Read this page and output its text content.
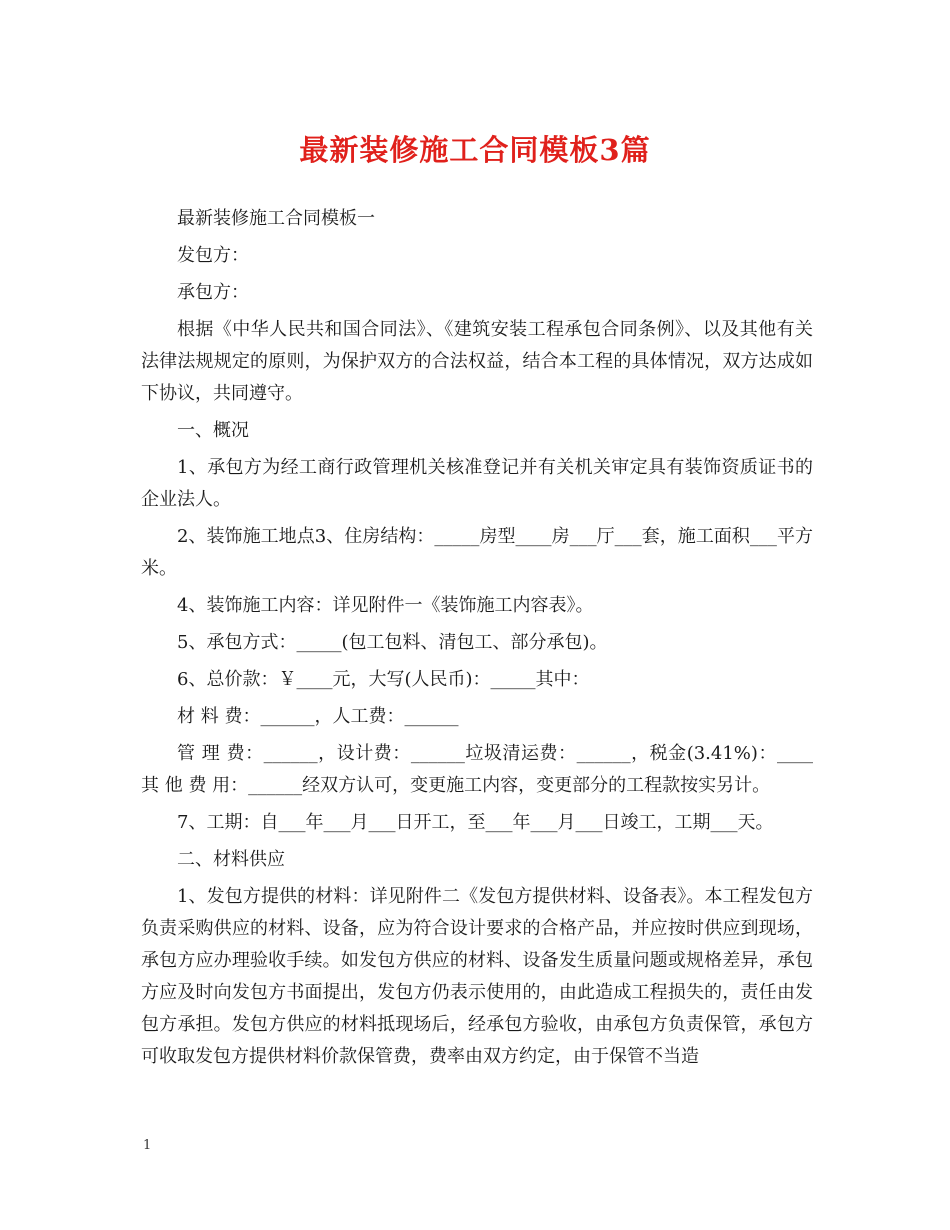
最新装修施工合同模板3篇

最新装修施工合同模板一

发包方：

承包方：

根据《中华人民共和国合同法》、《建筑安装工程承包合同条例》、以及其他有关法律法规规定的原则，为保护双方的合法权益，结合本工程的具体情况，双方达成如下协议，共同遵守。

一、概况

1、承包方为经工商行政管理机关核准登记并有关机关审定具有装饰资质证书的企业法人。

2、装饰施工地点3、住房结构：_____房型____房___厅___套，施工面积___平方米。

4、装饰施工内容：详见附件一《装饰施工内容表》。

5、承包方式：_____(包工包料、清包工、部分承包)。

6、总价款：￥____元，大写(人民币)：_____其中：

材 料 费：______，人工费：______

管 理 费：______，设计费：______垃圾清运费：______，税金(3.41%)：____其 他 费 用：______经双方认可，变更施工内容，变更部分的工程款按实另计。

7、工期：自___年___月___日开工，至___年___月___日竣工，工期___天。

二、材料供应

1、发包方提供的材料：详见附件二《发包方提供材料、设备表》。本工程发包方负责采购供应的材料、设备，应为符合设计要求的合格产品，并应按时供应到现场，承包方应办理验收手续。如发包方供应的材料、设备发生质量问题或规格差异，承包方应及时向发包方书面提出，发包方仍表示使用的，由此造成工程损失的，责任由发包方承担。发包方供应的材料抵现场后，经承包方验收，由承包方负责保管，承包方可收取发包方提供材料价款保管费，费率由双方约定，由于保管不当造

1
